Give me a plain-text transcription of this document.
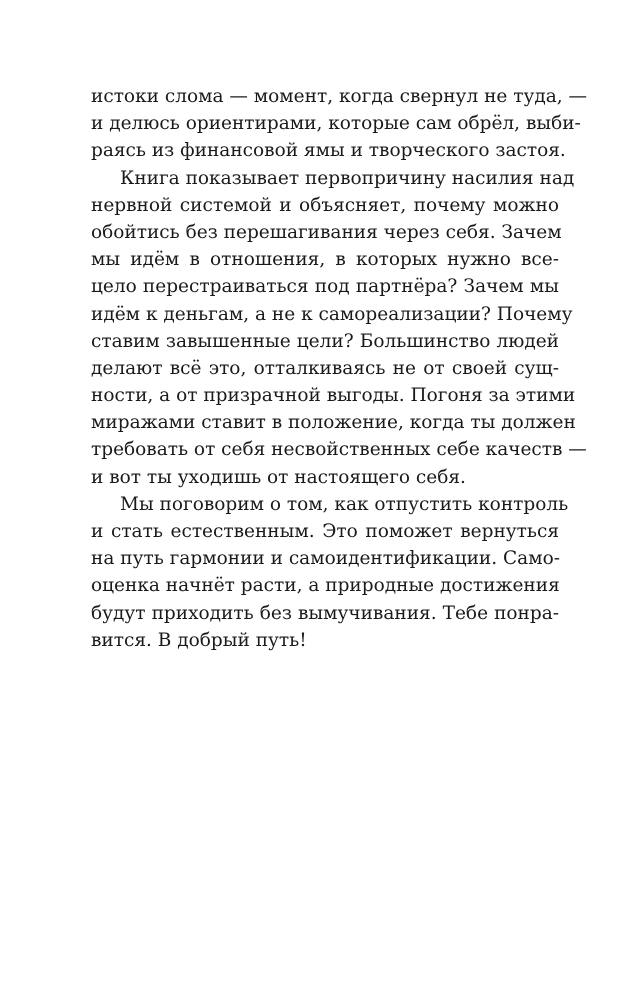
истоки слома — момент, когда свернул не туда, —
и делюсь ориентирами, которые сам обрёл, выби-
раясь из финансовой ямы и творческого застоя.
Книга показывает первопричину насилия над
нервной системой и объясняет, почему можно
обойтись без перешагивания через себя. Зачем
мы идём в отношения, в которых нужно все-
цело перестраиваться под партнёра? Зачем мы
идём к деньгам, а не к самореализации? Почему
ставим завышенные цели? Большинство людей
делают всё это, отталкиваясь не от своей сущ-
ности, а от призрачной выгоды. Погоня за этими
миражами ставит в положение, когда ты должен
требовать от себя несвойственных себе качеств —
и вот ты уходишь от настоящего себя.
Мы поговорим о том, как отпустить контроль
и стать естественным. Это поможет вернуться
на путь гармонии и самоидентификации. Само-
оценка начнёт расти, а природные достижения
будут приходить без вымучивания. Тебе понра-
вится. В добрый путь!
